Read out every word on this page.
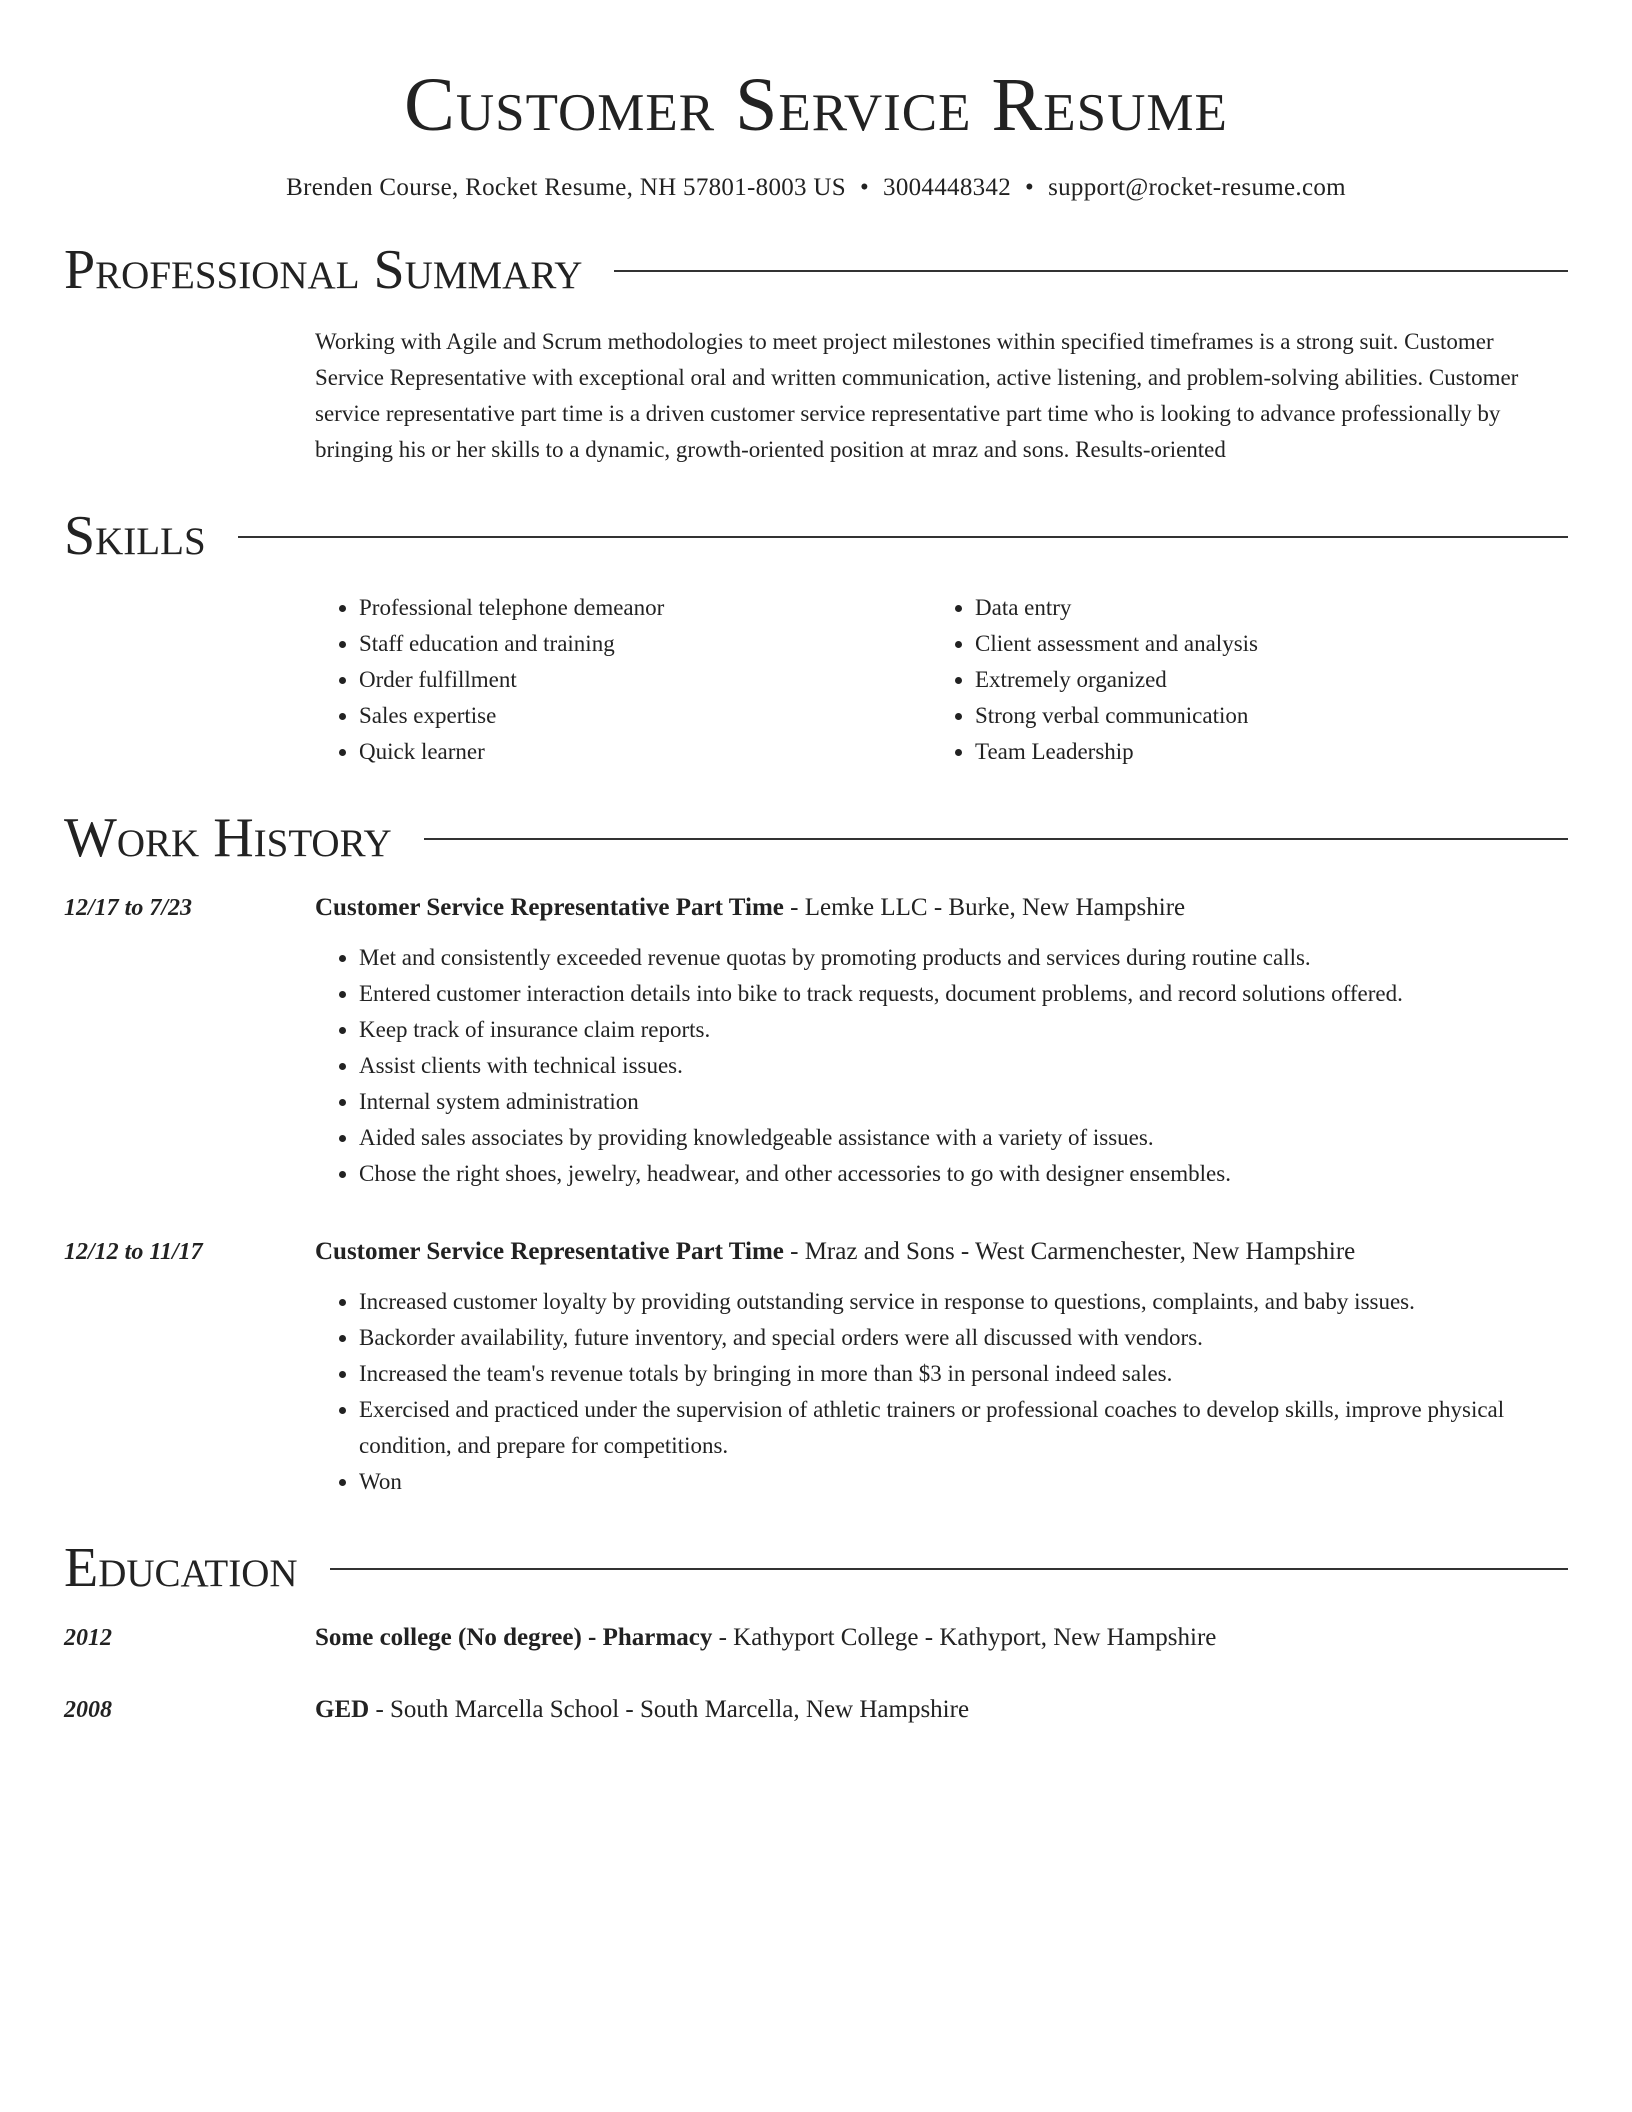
Customer Service Resume
Brenden Course, Rocket Resume, NH 57801-8003 US • 3004448342 • support@rocket-resume.com
Professional Summary
Working with Agile and Scrum methodologies to meet project milestones within specified timeframes is a strong suit. Customer Service Representative with exceptional oral and written communication, active listening, and problem-solving abilities. Customer service representative part time is a driven customer service representative part time who is looking to advance professionally by bringing his or her skills to a dynamic, growth-oriented position at mraz and sons. Results-oriented
Skills
• Professional telephone demeanor
• Staff education and training
• Order fulfillment
• Sales expertise
• Quick learner
• Data entry
• Client assessment and analysis
• Extremely organized
• Strong verbal communication
• Team Leadership
Work History
12/17 to 7/23	Customer Service Representative Part Time - Lemke LLC - Burke, New Hampshire
• Met and consistently exceeded revenue quotas by promoting products and services during routine calls.
• Entered customer interaction details into bike to track requests, document problems, and record solutions offered.
• Keep track of insurance claim reports.
• Assist clients with technical issues.
• Internal system administration
• Aided sales associates by providing knowledgeable assistance with a variety of issues.
• Chose the right shoes, jewelry, headwear, and other accessories to go with designer ensembles.
12/12 to 11/17	Customer Service Representative Part Time - Mraz and Sons - West Carmenchester, New Hampshire
• Increased customer loyalty by providing outstanding service in response to questions, complaints, and baby issues.
• Backorder availability, future inventory, and special orders were all discussed with vendors.
• Increased the team's revenue totals by bringing in more than $3 in personal indeed sales.
• Exercised and practiced under the supervision of athletic trainers or professional coaches to develop skills, improve physical condition, and prepare for competitions.
• Won
Education
2012	Some college (No degree) - Pharmacy - Kathyport College - Kathyport, New Hampshire
2008	GED - South Marcella School - South Marcella, New Hampshire
